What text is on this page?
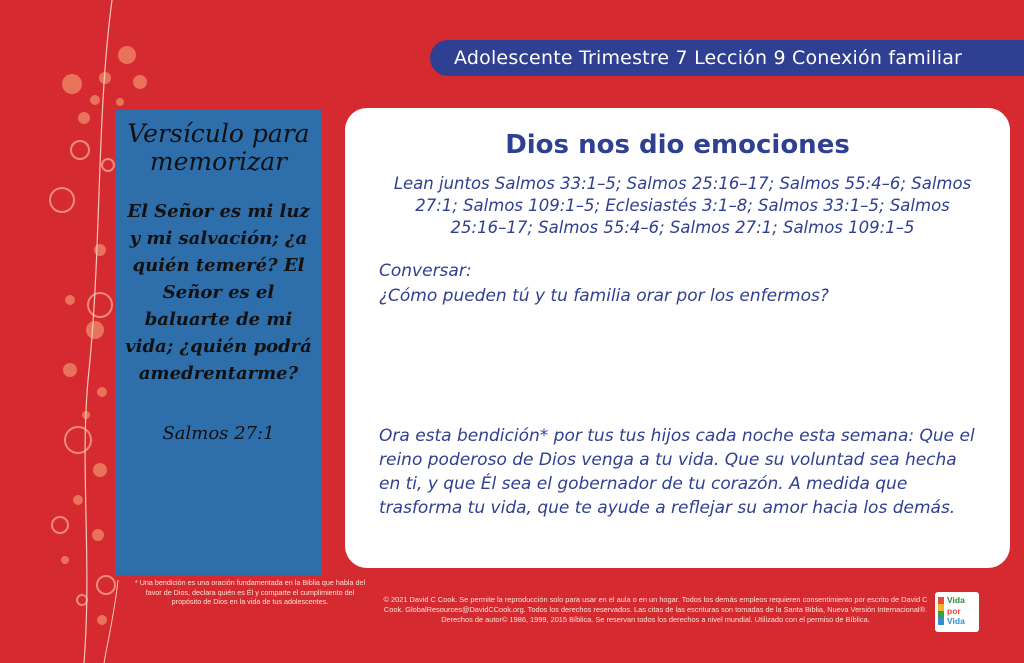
Adolescente Trimestre 7 Lección 9 Conexión familiar

Versículo para memorizar

El Señor es mi luz y mi salvación; ¿a quién temeré? El Señor es el baluarte de mi vida; ¿quién podrá amedrentarme?

Salmos 27:1
* Una bendición es una oración fundamentada en la Biblia que habla del favor de Dios, declara quién es Él y comparte el cumplimiento del propósito de Dios en la vida de tus adolescentes.
Dios nos dio emociones
Lean juntos Salmos 33:1–5; Salmos 25:16–17; Salmos 55:4–6; Salmos 27:1; Salmos 109:1–5; Eclesiastés 3:1–8; Salmos 33:1–5; Salmos 25:16–17; Salmos 55:4–6; Salmos 27:1; Salmos 109:1–5
Conversar:
¿Cómo pueden tú y tu familia orar por los enfermos?
Ora esta bendición* por tus tus hijos cada noche esta semana: Que el reino poderoso de Dios venga a tu vida. Que su voluntad sea hecha en ti, y que Él sea el gobernador de tu corazón. A medida que trasforma tu vida, que te ayude a reflejar su amor hacia los demás.
© 2021 David C Cook. Se permite la reproducción solo para usar en el aula o en un hogar. Todos los demás empleos requieren consentimiento por escrito de David C Cook. GlobalResources@DavidCCook.org. Todos los derechos reservados. Las citas de las escrituras son tomadas de la Santa Biblia, Nueva Versión Internacional®. Derechos de autor© 1986, 1999, 2015 Bíblica. Se reservan todos los derechos a nivel mundial. Utilizado con el permiso de Bíblica.
Vida
por
Vida
